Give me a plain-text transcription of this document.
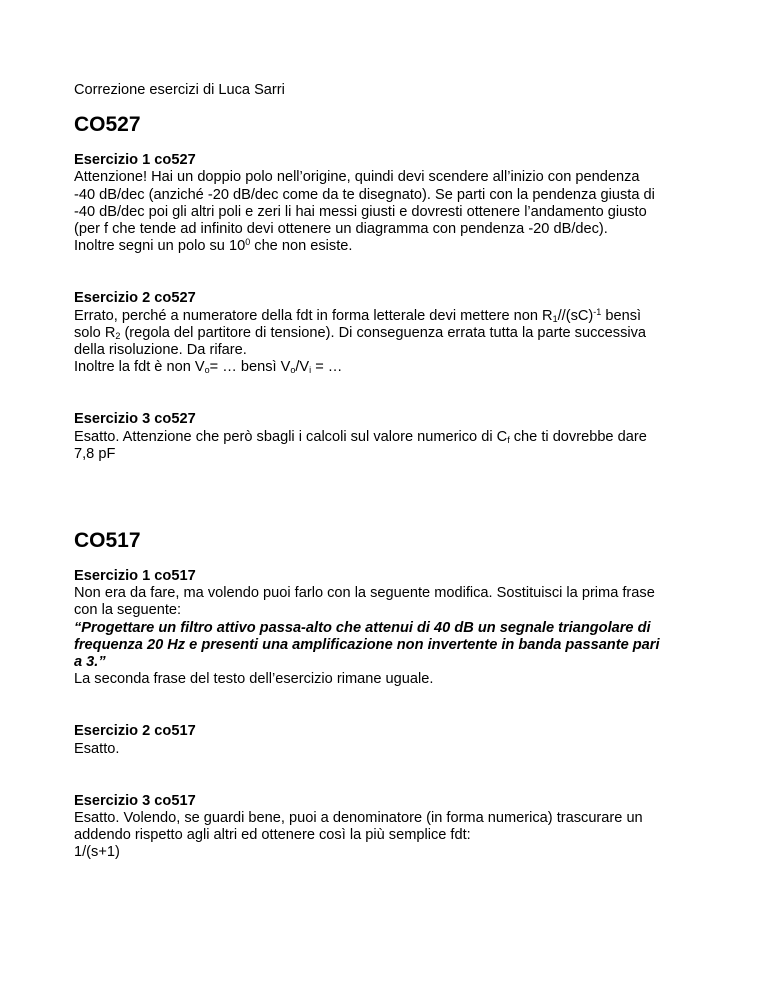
Correzione esercizi di Luca Sarri

CO527

Esercizio 1 co527

Attenzione! Hai un doppio polo nell’origine, quindi devi scendere all’inizio con pendenza

-40 dB/dec (anziché -20 dB/dec come da te disegnato). Se parti con la pendenza giusta di

-40 dB/dec poi gli altri poli e zeri li hai messi giusti e dovresti ottenere l’andamento giusto

(per f che tende ad infinito devi ottenere un diagramma con pendenza -20 dB/dec).

Inoltre segni un polo su $10^0$ che non esiste.

Esercizio 2 co527

Errato, perché a numeratore della fdt in forma letterale devi mettere non $R_1//(sC)^{-1}$ bensì

solo $R_2$ (regola del partitore di tensione). Di conseguenza errata tutta la parte successiva

della risoluzione. Da rifare.

Inoltre la fdt è non $V_o=$ … bensì $V_o/V_i$ = …

Esercizio 3 co527

Esatto. Attenzione che però sbagli i calcoli sul valore numerico di $C_f$ che ti dovrebbe dare

7,8 pF

CO517

Esercizio 1 co517

Non era da fare, ma volendo puoi farlo con la seguente modifica. Sostituisci la prima frase

con la seguente:

“Progettare un filtro attivo passa-alto che attenui di 40 dB un segnale triangolare di

frequenza 20 Hz e presenti una amplificazione non invertente in banda passante pari

a 3.”

La seconda frase del testo dell’esercizio rimane uguale.

Esercizio 2 co517

Esatto.

Esercizio 3 co517

Esatto. Volendo, se guardi bene, puoi a denominatore (in forma numerica) trascurare un

addendo rispetto agli altri ed ottenere così la più semplice fdt:

1/(s+1)
